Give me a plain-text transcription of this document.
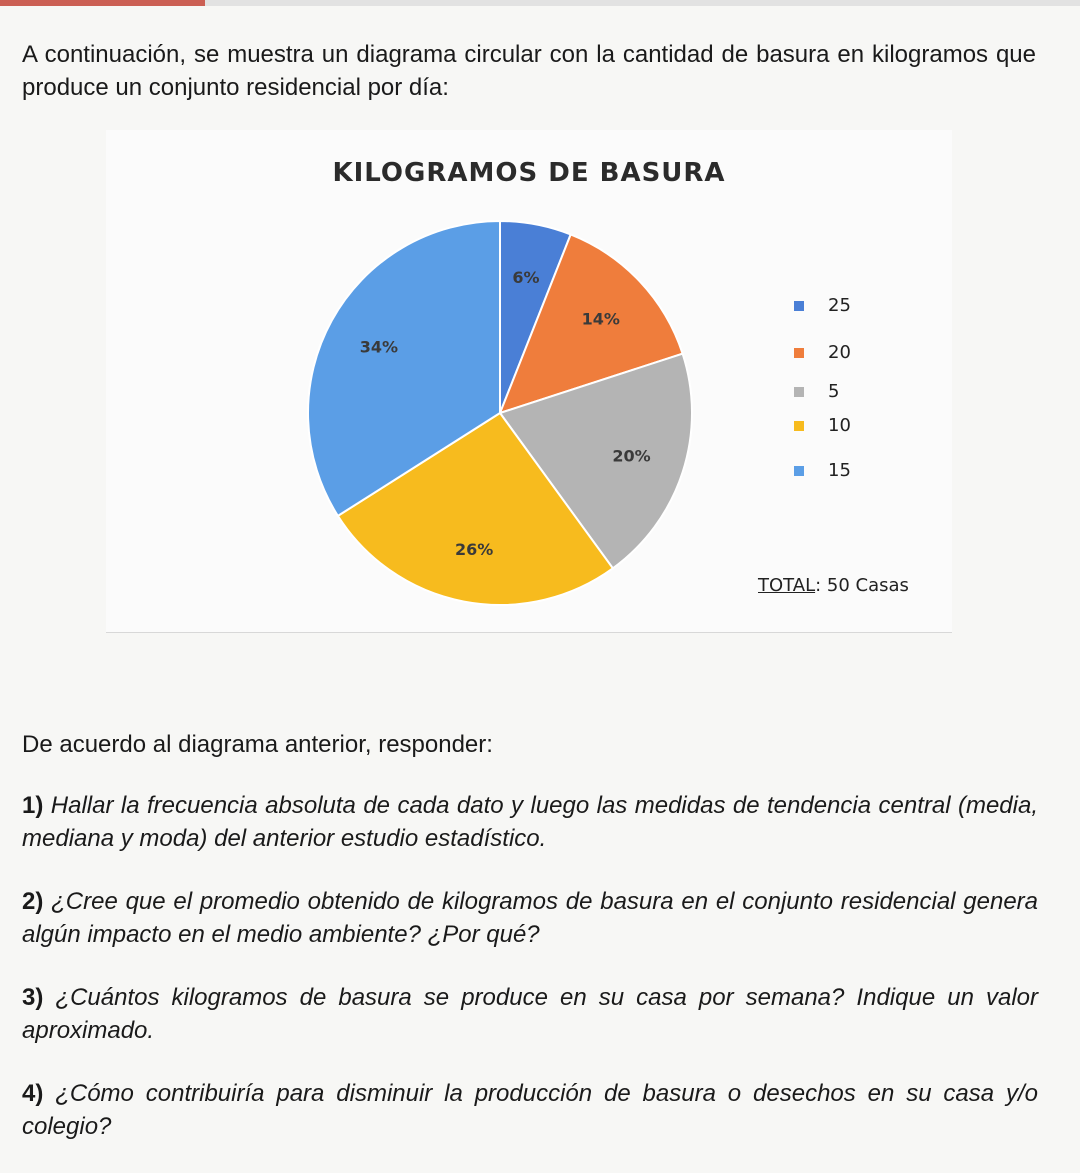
A continuación, se muestra un diagrama circular con la cantidad de basura en kilogramos que produce un conjunto residencial por día:
KILOGRAMOS DE BASURA
6%
14%
20%
26%
34%
25
20
5
10
15
TOTAL: 50 Casas

De acuerdo al diagrama anterior, responder:

1) Hallar la frecuencia absoluta de cada dato y luego las medidas de tendencia central (media, mediana y moda) del anterior estudio estadístico.

2) ¿Cree que el promedio obtenido de kilogramos de basura en el conjunto residencial genera algún impacto en el medio ambiente? ¿Por qué?

3) ¿Cuántos kilogramos de basura se produce en su casa por semana? Indique un valor aproximado.

4) ¿Cómo contribuiría para disminuir la producción de basura o desechos en su casa y/o colegio?
